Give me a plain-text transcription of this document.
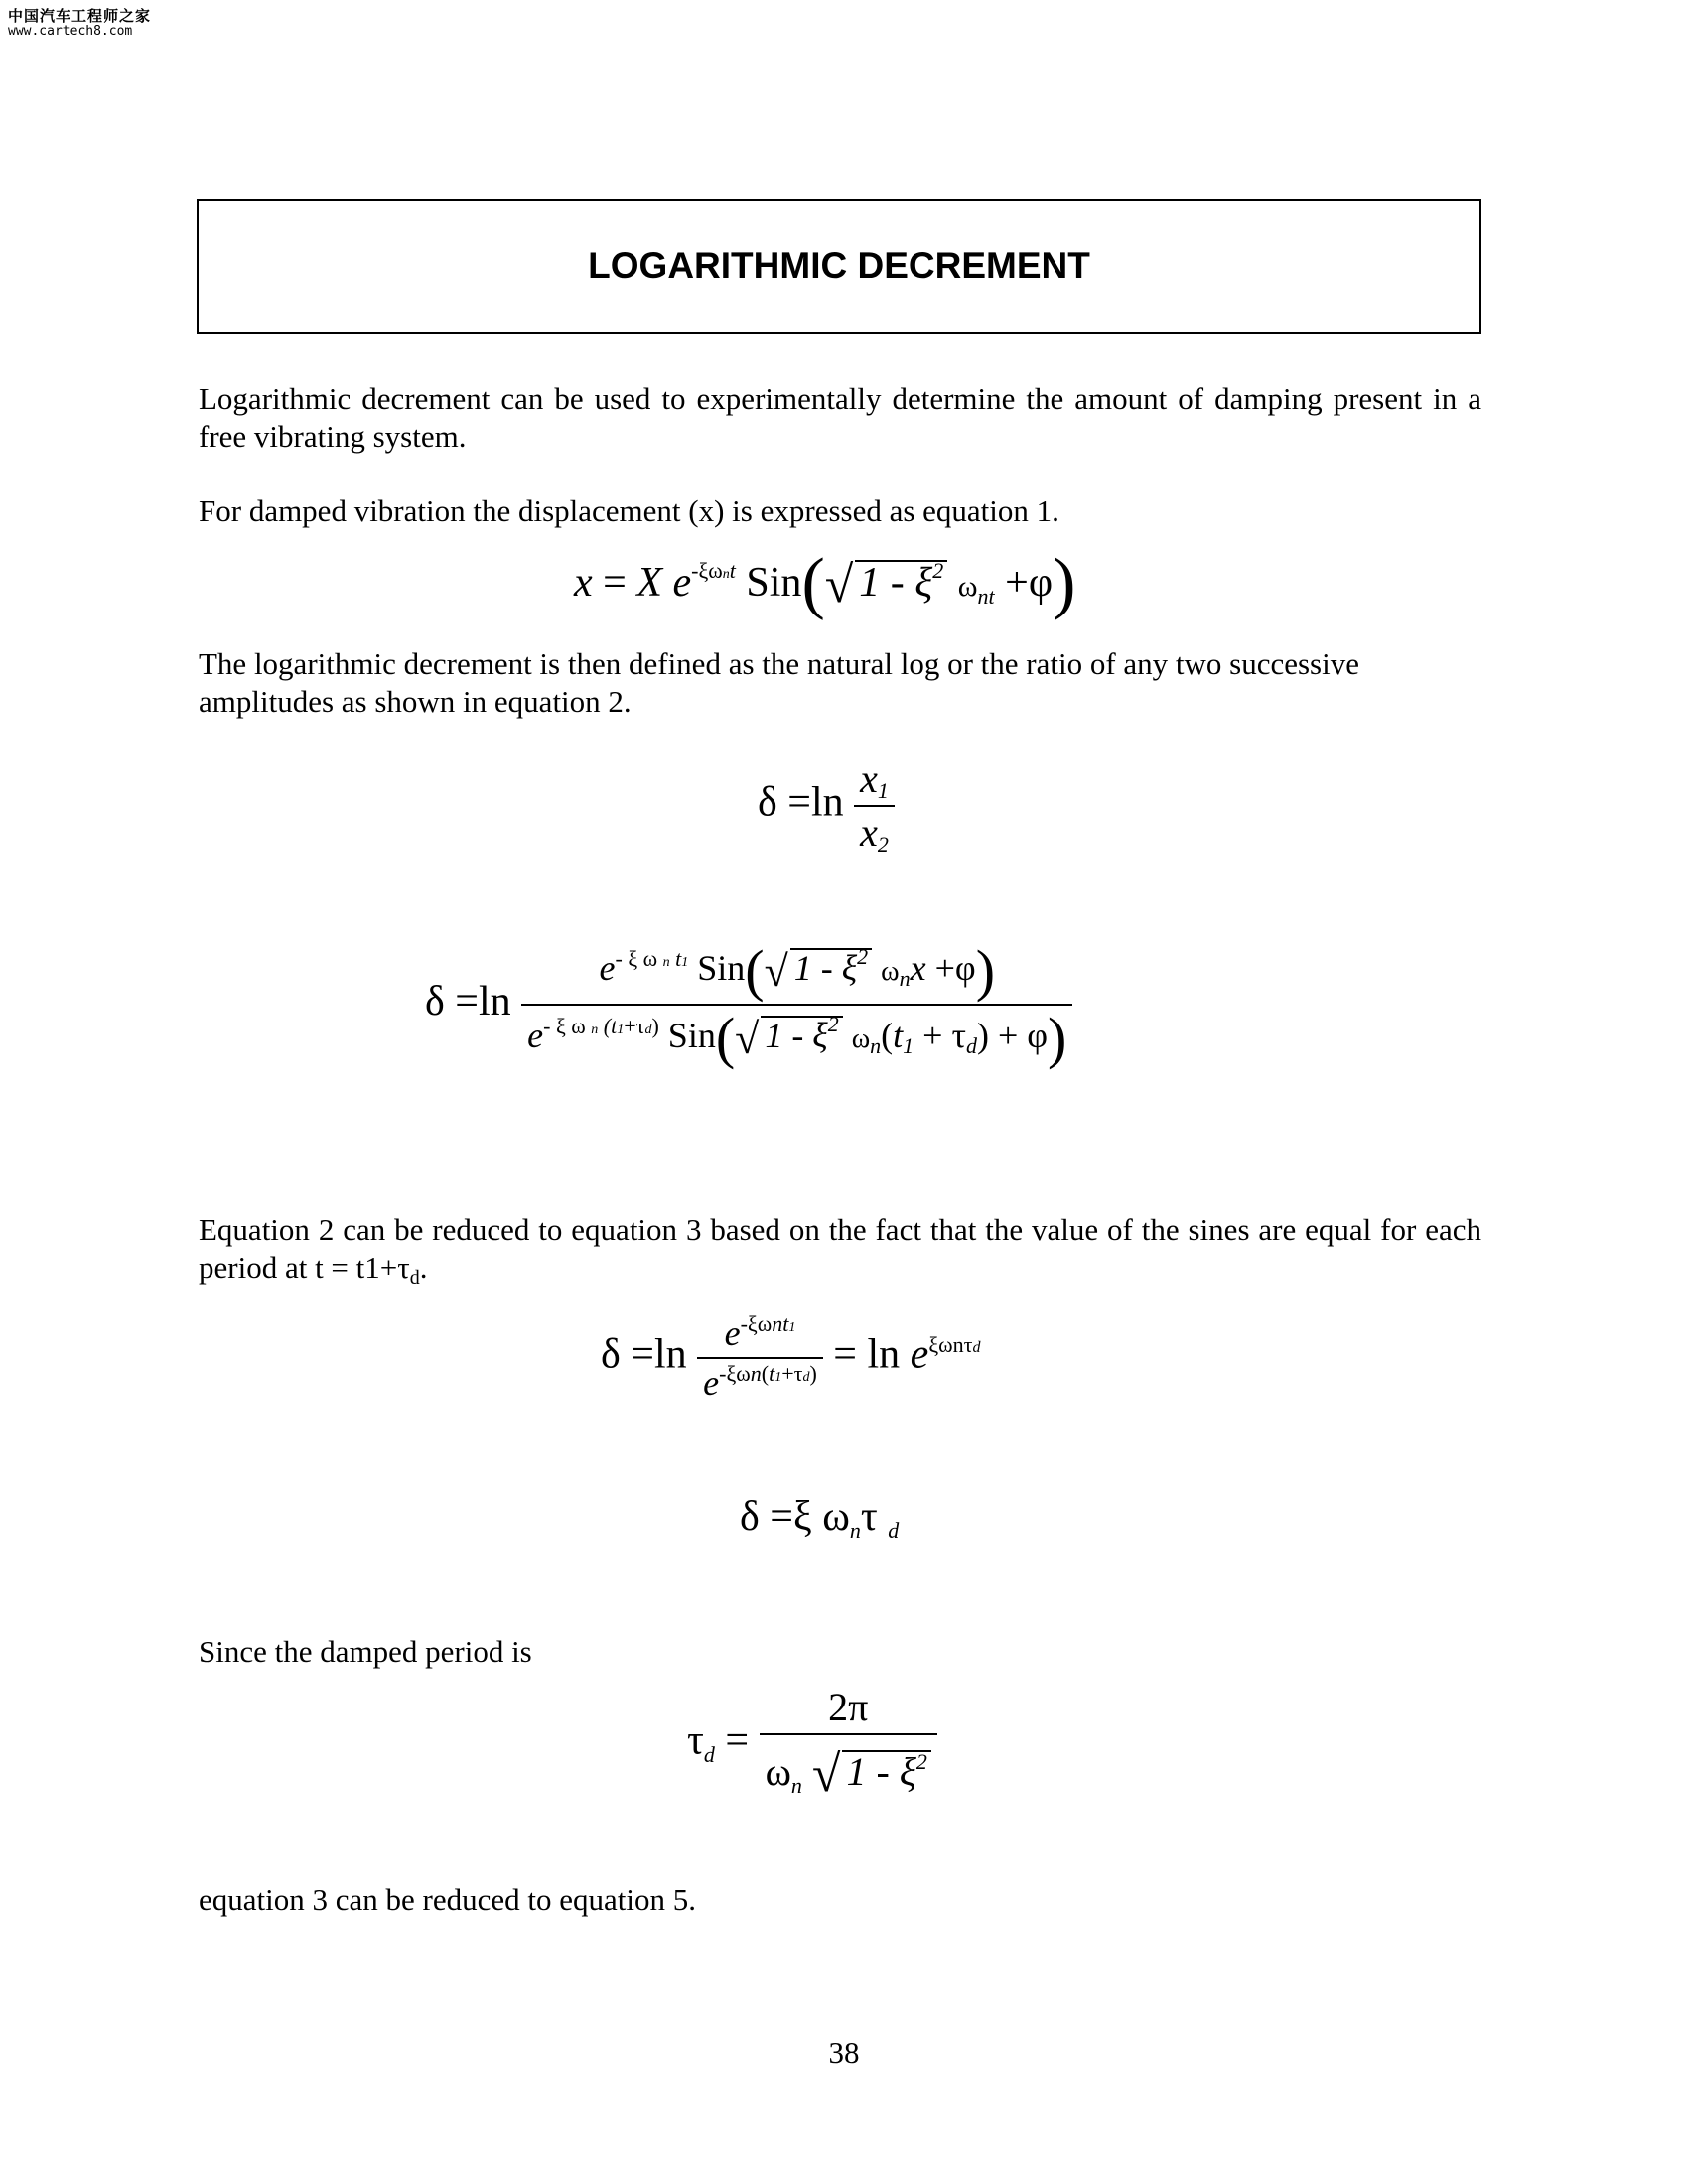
中国汽车工程师之家
www.cartech8.com
LOGARITHMIC DECREMENT
Logarithmic decrement can be used to experimentally determine the amount of damping present in a free vibrating system.
For damped vibration the displacement (x) is expressed as equation 1.
x = X $e^{-\xi\omega nt}$ Sin(√ $1 - \xi^2$ ωnt +φ)
The logarithmic decrement is then defined as the natural log or the ratio of any two successive amplitudes as shown in equation 2.
$\delta =\ln \frac{x1}{x2}$
$\delta =\ln \frac{e^{- \xi \omega n t1} Sin(√ 1 - \xi^2 \omega nx +\varphi)}{e^{- \xi \omega n (t1+\tau d)} Sin(√ 1 - \xi^2 \omega n(t1 + \tau d) + \varphi)}$
Equation 2 can be reduced to equation 3 based on the fact that the value of the sines are equal for each period at t = t1+τd.
$\delta =\ln \frac{e^{-\xi\omega nt1}}{e^{-\xi\omega n(t1+\tau d)}} = \ln e^{\xi\omega n\tau d}$
δ =ξ ωnτ d
Since the damped period is
$\tau d = \frac{2\pi}{\omega_n √ 1 - \xi^2}$
equation 3 can be reduced to equation 5.
38
